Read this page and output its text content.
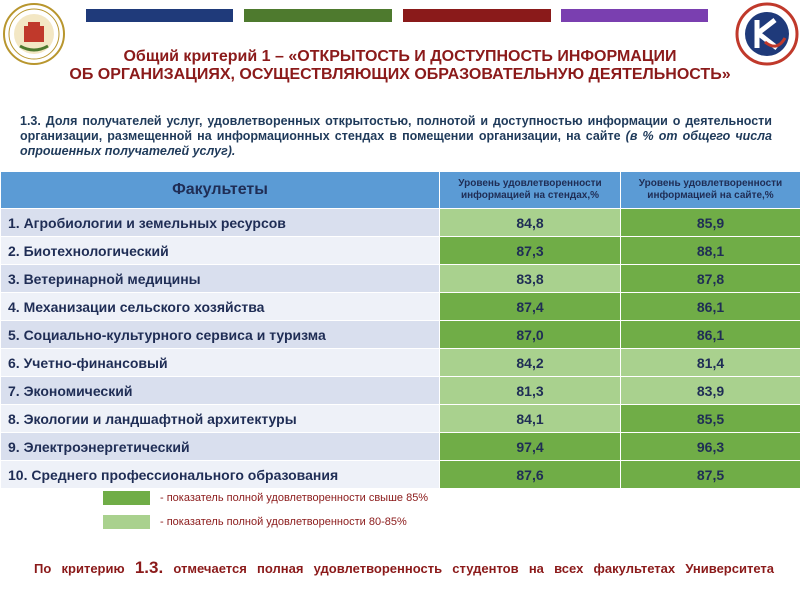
Общий критерий 1 – «ОТКРЫТОСТЬ И ДОСТУПНОСТЬ ИНФОРМАЦИИ
ОБ ОРГАНИЗАЦИЯХ, ОСУЩЕСТВЛЯЮЩИХ ОБРАЗОВАТЕЛЬНУЮ ДЕЯТЕЛЬНОСТЬ»
1.3. Доля получателей услуг, удовлетворенных открытостью, полнотой и доступностью информации о деятельности организации, размещенной на информационных стендах в помещении организации, на сайте (в % от общего числа опрошенных получателей услуг).
Факультеты	Уровень удовлетворенности информацией на стендах,%	Уровень удовлетворенности информацией на сайте,%
1. Агробиологии и земельных ресурсов	84,8	85,9
2. Биотехнологический	87,3	88,1
3. Ветеринарной медицины	83,8	87,8
4. Механизации сельского хозяйства	87,4	86,1
5. Социально-культурного сервиса и туризма	87,0	86,1
6. Учетно-финансовый	84,2	81,4
7. Экономический	81,3	83,9
8. Экологии и ландшафтной архитектуры	84,1	85,5
9. Электроэнергетический	97,4	96,3
10. Среднего профессионального образования	87,6	87,5
- показатель полной удовлетворенности свыше 85%
- показатель полной удовлетворенности 80-85%
По критерию 1.3. отмечается полная удовлетворенность студентов на всех факультетах Университета
